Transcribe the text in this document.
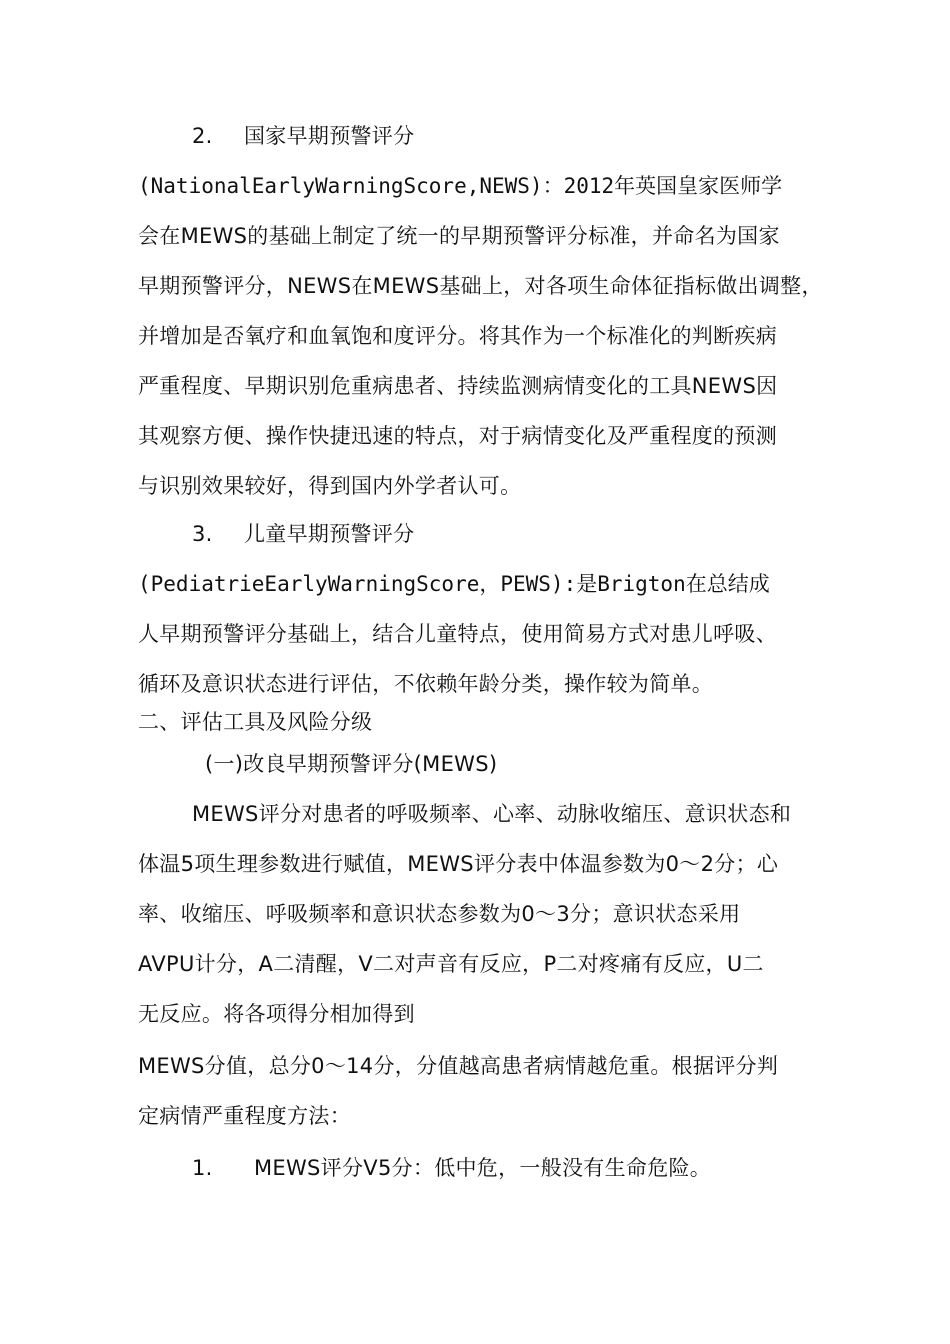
2. 国家早期预警评分
(NationalEarlyWarningScore,NEWS)：2012年英国皇家医师学
会在MEWS的基础上制定了统一的早期预警评分标准，并命名为国家
早期预警评分，NEWS在MEWS基础上，对各项生命体征指标做出调整，
并增加是否氧疗和血氧饱和度评分。将其作为一个标准化的判断疾病
严重程度、早期识别危重病患者、持续监测病情变化的工具NEWS因
其观察方便、操作快捷迅速的特点，对于病情变化及严重程度的预测
与识别效果较好，得到国内外学者认可。
3. 儿童早期预警评分
(PediatrieEarlyWarningScore，PEWS):是Brigton在总结成
人早期预警评分基础上，结合儿童特点，使用简易方式对患儿呼吸、
循环及意识状态进行评估，不依赖年龄分类，操作较为简单。
二、评估工具及风险分级
(一)改良早期预警评分(MEWS)
MEWS评分对患者的呼吸频率、心率、动脉收缩压、意识状态和
体温5项生理参数进行赋值，MEWS评分表中体温参数为0〜2分；心
率、收缩压、呼吸频率和意识状态参数为0〜3分；意识状态采用
AVPU计分，A二清醒，V二对声音有反应，P二对疼痛有反应，U二
无反应。将各项得分相加得到
MEWS分值，总分0〜14分，分值越高患者病情越危重。根据评分判
定病情严重程度方法：
1. MEWS评分V5分：低中危，一般没有生命危险。
